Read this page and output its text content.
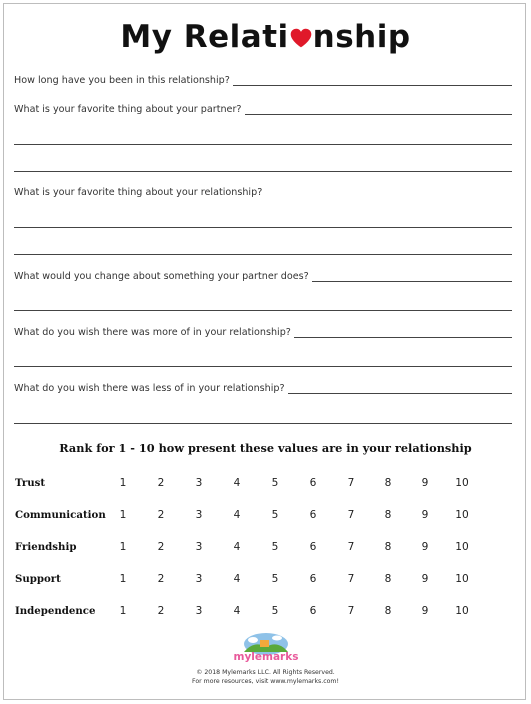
My Relati nship
How long have you been in this relationship?
What is your favorite thing about your partner?
What is your favorite thing about your relationship?
What would you change about something your partner does?
What do you wish there was more of in your relationship?
What do you wish there was less of in your relationship?
Rank for 1 - 10 how present these values are in your relationship
Trust	1	2	3	4	5	6	7	8	9	10
Communication	1	2	3	4	5	6	7	8	9	10
Friendship	1	2	3	4	5	6	7	8	9	10
Support	1	2	3	4	5	6	7	8	9	10
Independence	1	2	3	4	5	6	7	8	9	10
mylemarks
© 2018 Mylemarks LLC. All Rights Reserved.
For more resources, visit www.mylemarks.com!
